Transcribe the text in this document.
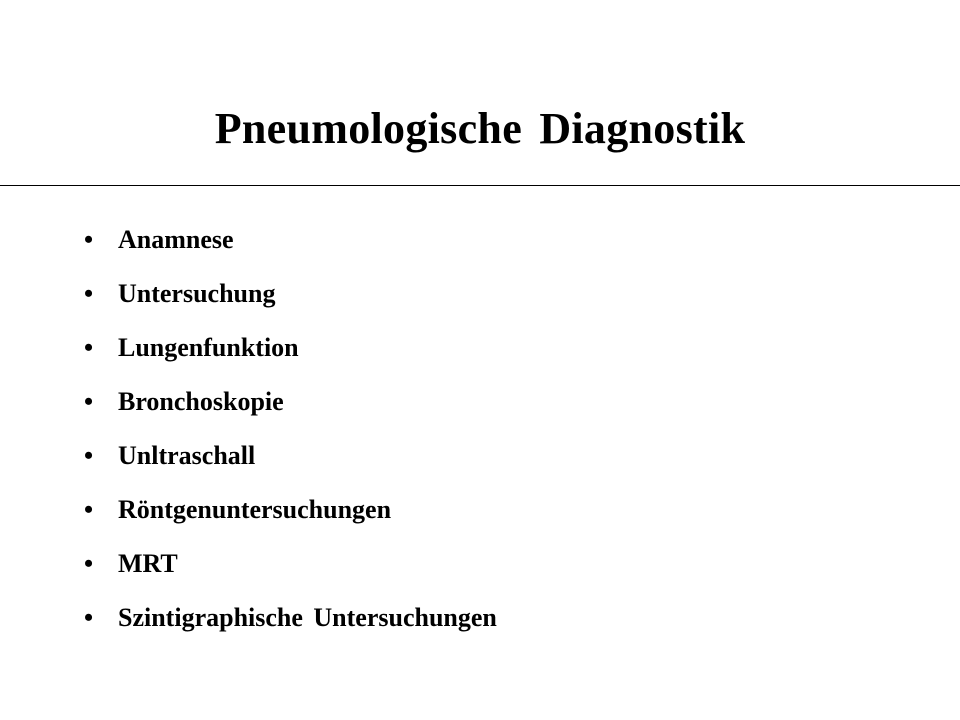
Pneumologische Diagnostik
• Anamnese
• Untersuchung
• Lungenfunktion
• Bronchoskopie
• Unltraschall
• Röntgenuntersuchungen
• MRT
• Szintigraphische Untersuchungen
